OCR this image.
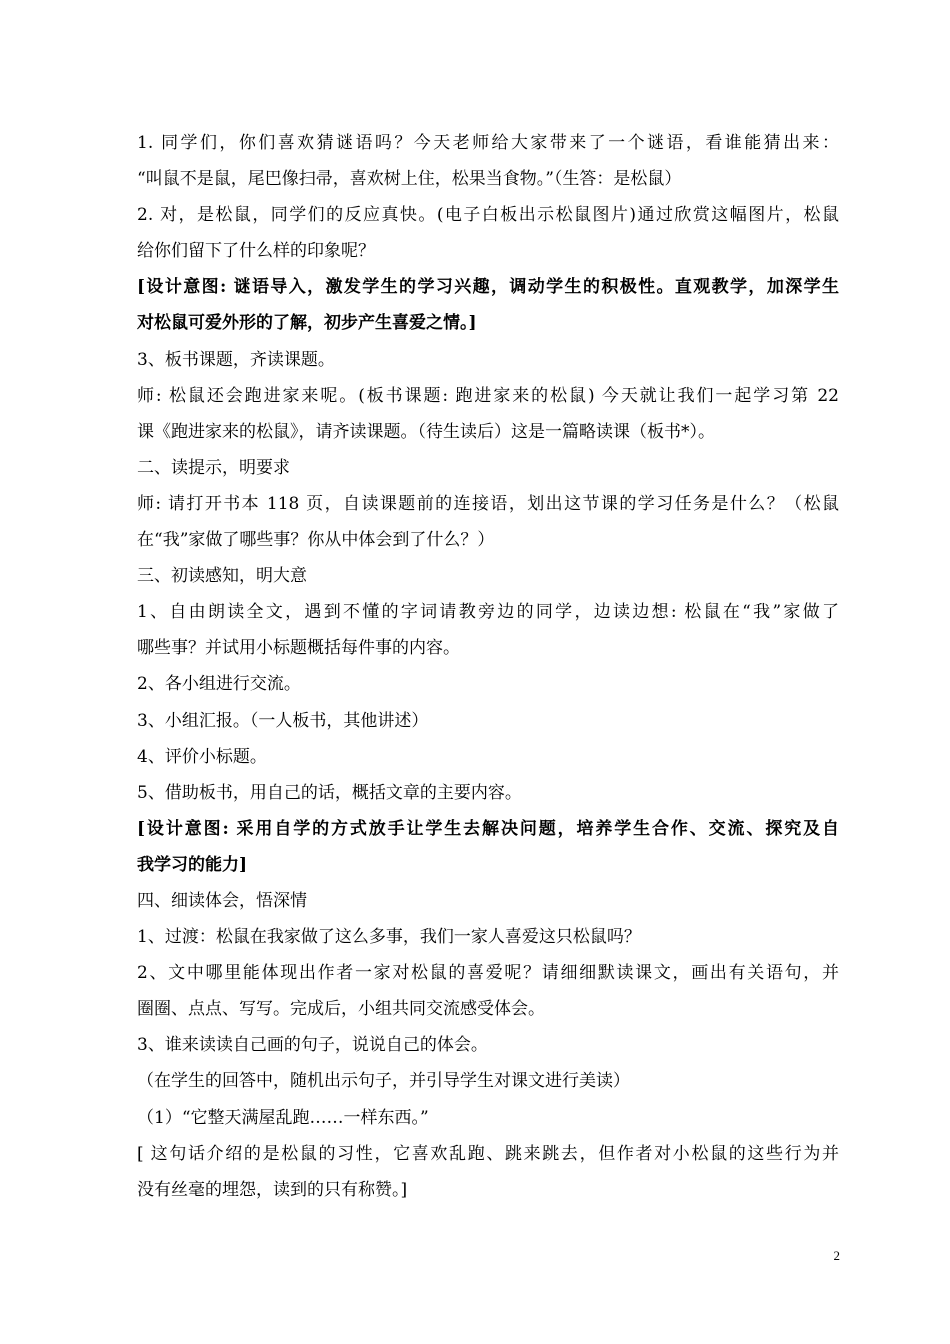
1. 同学们，你们喜欢猜谜语吗？今天老师给大家带来了一个谜语，看谁能猜出来：
“叫鼠不是鼠，尾巴像扫帚，喜欢树上住，松果当食物。”（生答：是松鼠）
2. 对，是松鼠，同学们的反应真快。(电子白板出示松鼠图片)通过欣赏这幅图片，松鼠
给你们留下了什么样的印象呢？
[设计意图: 谜语导入，激发学生的学习兴趣，调动学生的积极性。直观教学，加深学生
对松鼠可爱外形的了解，初步产生喜爱之情。]
3、板书课题，齐读课题。
师: 松鼠还会跑进家来呢。(板书课题: 跑进家来的松鼠) 今天就让我们一起学习第 22
课《跑进家来的松鼠》，请齐读课题。（待生读后）这是一篇略读课（板书*）。
二、读提示，明要求
师: 请打开书本 118 页，自读课题前的连接语，划出这节课的学习任务是什么？（松鼠
在“我”家做了哪些事？你从中体会到了什么？）
三、初读感知，明大意
1、自由朗读全文，遇到不懂的字词请教旁边的同学，边读边想: 松鼠在“我”家做了
哪些事？并试用小标题概括每件事的内容。
2、各小组进行交流。
3、小组汇报。（一人板书，其他讲述）
4、评价小标题。
5、借助板书，用自己的话，概括文章的主要内容。
[设计意图: 采用自学的方式放手让学生去解决问题，培养学生合作、交流、探究及自
我学习的能力]
四、细读体会，悟深情
1、过渡：松鼠在我家做了这么多事，我们一家人喜爱这只松鼠吗？
2、文中哪里能体现出作者一家对松鼠的喜爱呢？请细细默读课文，画出有关语句，并
圈圈、点点、写写。完成后，小组共同交流感受体会。
3、谁来读读自己画的句子，说说自己的体会。
（在学生的回答中，随机出示句子，并引导学生对课文进行美读）
（1）“它整天满屋乱跑……一样东西。”
[ 这句话介绍的是松鼠的习性，它喜欢乱跑、跳来跳去，但作者对小松鼠的这些行为并
没有丝毫的埋怨，读到的只有称赞。]
2
